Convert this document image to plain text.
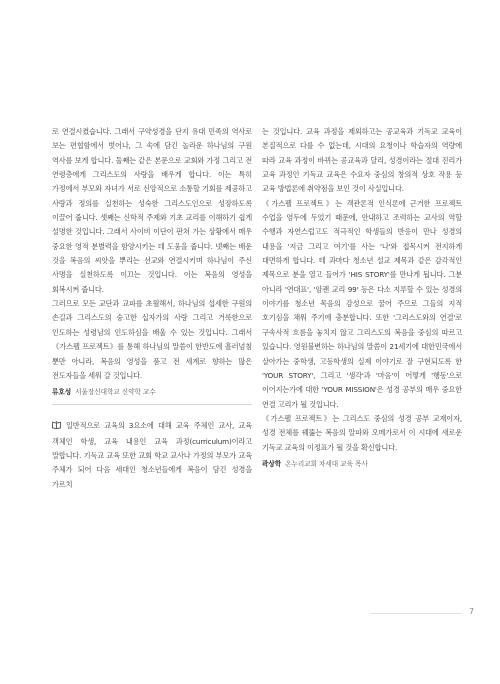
로 연결시켰습니다. 그래서 구약성경을 단지 유대 민족의 역사로 보는 편협함에서 벗어나, 그 속에 담긴 놀라운 하나님의 구원 역사를 보게 합니다. 둘째는 같은 본문으로 교회와 가정 그리고 전 연령층에게 그리스도의 사랑을 배우게 합니다. 이는 특히 가정에서 부모와 자녀가 서로 신앙적으로 소통할 기회를 제공하고 사랑과 정의를 실천하는 성숙한 그리스도인으로 성장하도록 이끌어 줍니다. 셋째는 신학적 주제와 기초 교리를 이해하기 쉽게 설명한 것입니다. 그래서 사이비 이단이 판쳐 가는 상황에서 매우 중요한 영적 분별력을 함양시키는 데 도움을 줍니다. 넷째는 배운 것을 복음의 씨앗을 뿌리는 선교와 연결시키며 하나님이 주신 사명을 실천하도록 이끄는 것입니다. 이는 복음의 영성을 회복시켜 줍니다.

그러므로 모든 교단과 교파를 초월해서, 하나님의 섭세한 구원의 손길과 그리스도의 숭고한 십자가의 사랑 그리고 거룩한으로 인도하는 성령님의 인도하심을 배울 수 있는 것입니다. 그래서 《가스펠 프로젝트》를 통해 하나님의 말씀이 한반도에 흘러넘침 뿐만 아니라, 복음의 영성을 품고 전 세계로 향하는 많은 전도자들을 세워 갈 것입니다.

류호성 서울장신대학교 신약학 교수

일반적으로 교육의 3요소에 대해 교육 주체인 교사, 교육 객체인 학생, 교육 내용인 교육 과정(curriculum)이라고 말합니다. 기독교 교육 또한 교회 학교 교사나 가정의 부모가 교육 주체가 되어 다음 세대인 청소년들에게 복음이 담긴 성경을 가르치

는 것입니다. 교육 과정을 제외하고는 공교육과 기독교 교육이 본질적으로 다를 수 없는데, 시대의 요청이나 학습자의 역량에 따라 교육 과정이 바뀌는 공교육과 달리, 성경이라는 절대 진리가 교육 과정인 기독교 교육은 수요자 중심의 창의적 상호 작용 등 교육 방법론에 취약점을 보인 것이 사실입니다.

《가스펠 프로젝트》는 객관론적 인식론에 근거한 프로젝트 수업을 염두에 두었기 때문에, 안내하고 조력하는 교사의 역할 수행과 자연스럽고도 적극적인 학생들의 반응이 만나 성경의 내용을 '지금 그리고 여기'를 사는 '나'와 접목시켜 전지하게 대면하게 합니다. 테 과마다 청소년 설교 제목과 같은 감각적인 제목으로 분을 열고 들어가 'HIS STORY'를 만나게 됩니다. 그분 아니라 '연대표', '암괜 교리 99' 등은 다소 지루할 수 있는 성경의 이야기를 청소년 목음의 감성으로 꿀어 주므로 그들의 지적 호기심을 채워 주기에 충분합니다. 또한 '그리스도와의 연결'로 구속사적 흐름을 놓치지 않고 그리스도의 복음을 중심의 따르고 있습니다. 영원불변하는 하나님의 말씀이 21세기에 대한민국에서 살아가는 중학생, 고등학생의 실제 이야기로 잘 구현되도록 한 'YOUR STORY', 그리고 '생각'과 '마음'이 어떻게 '행동'으로 이어지는가에 대한 'YOUR MISSION'은 성경 공부의 매우 중요한 연결 고리가 될 것입니다.

《가스펠 프로젝트》는 그리스도 중심의 성경 공부 교재이자, 성경 전체를 꿰뚫는 복음의 알파와 오메가로서 이 시대에 새로운 기독교 교육의 이정표가 될 것을 확신합니다.

곽상학 온누리교회 차세대 교육 목사
7
